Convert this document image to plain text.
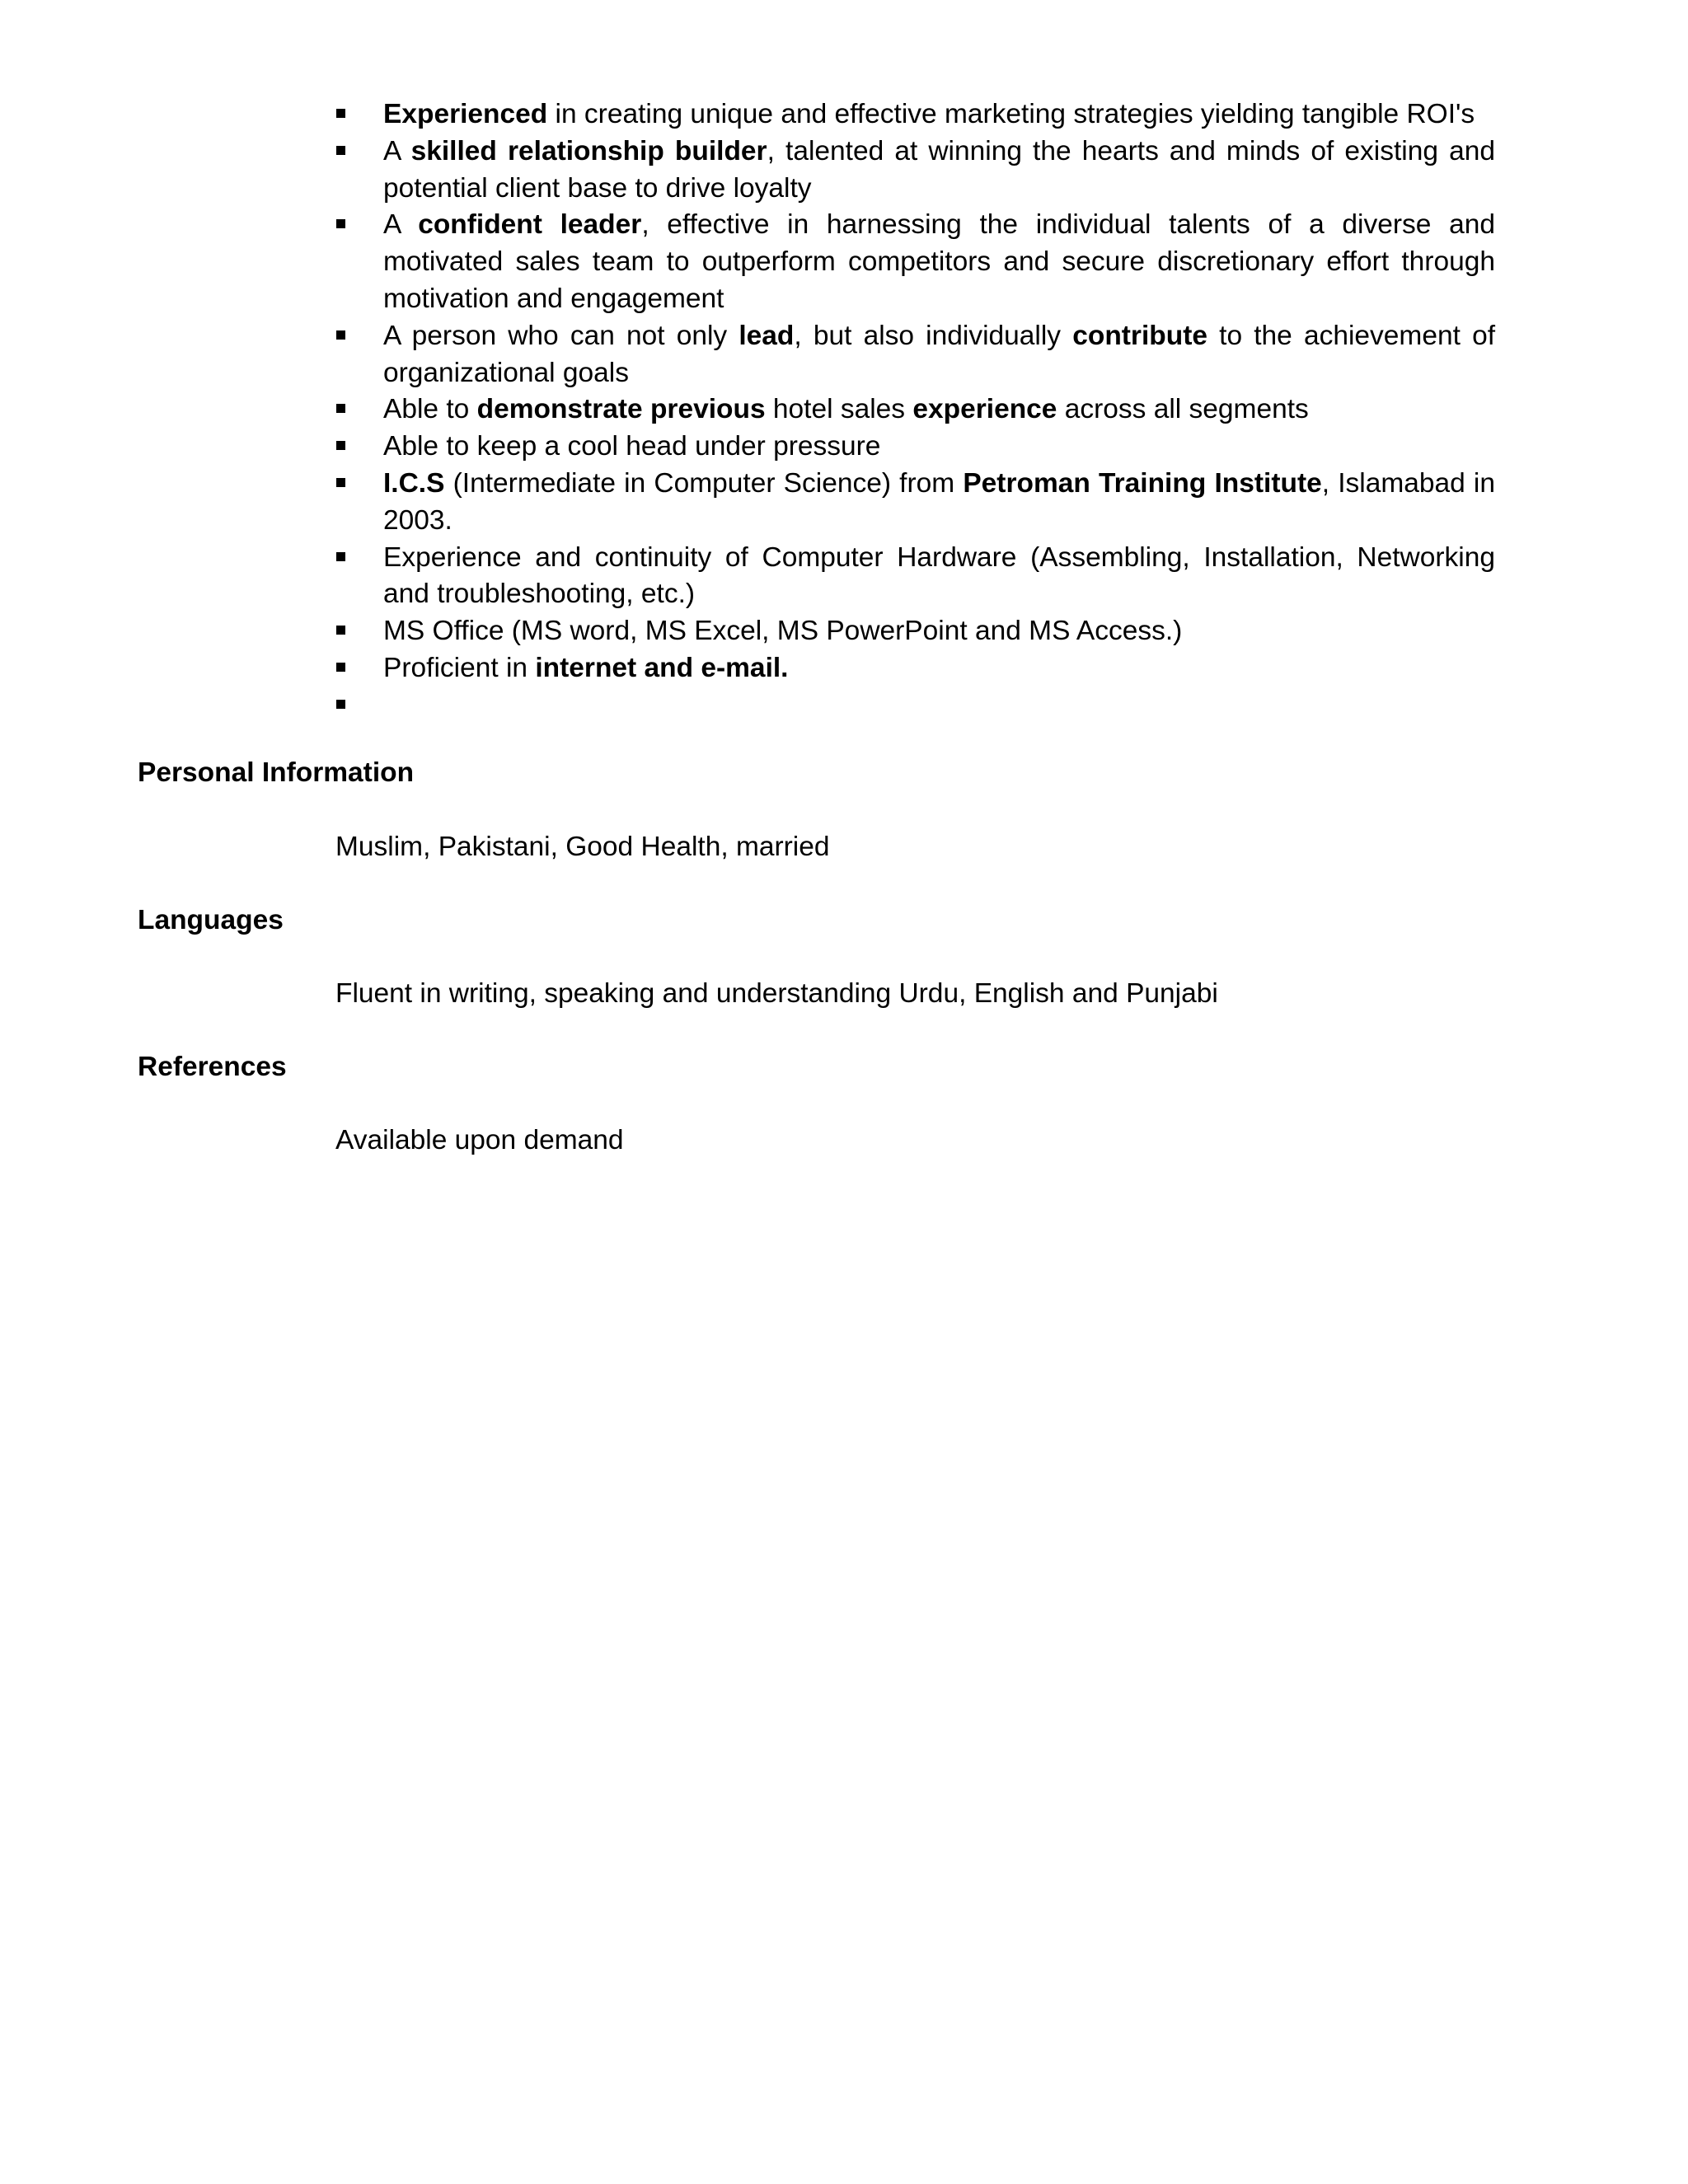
Experienced in creating unique and effective marketing strategies yielding tangible ROI's
A skilled relationship builder, talented at winning the hearts and minds of existing and potential client base to drive loyalty
A confident leader, effective in harnessing the individual talents of a diverse and motivated sales team to outperform competitors and secure discretionary effort through motivation and engagement
A person who can not only lead, but also individually contribute to the achievement of organizational goals
Able to demonstrate previous hotel sales experience across all segments
Able to keep a cool head under pressure
I.C.S (Intermediate in Computer Science) from Petroman Training Institute, Islamabad in 2003.
Experience and continuity of Computer Hardware (Assembling, Installation, Networking and troubleshooting, etc.)
MS Office (MS word, MS Excel, MS PowerPoint and MS Access.)
Proficient in internet and e-mail.

Personal Information
Muslim, Pakistani, Good Health, married
Languages
Fluent in writing, speaking and understanding Urdu, English and Punjabi
References
Available upon demand
